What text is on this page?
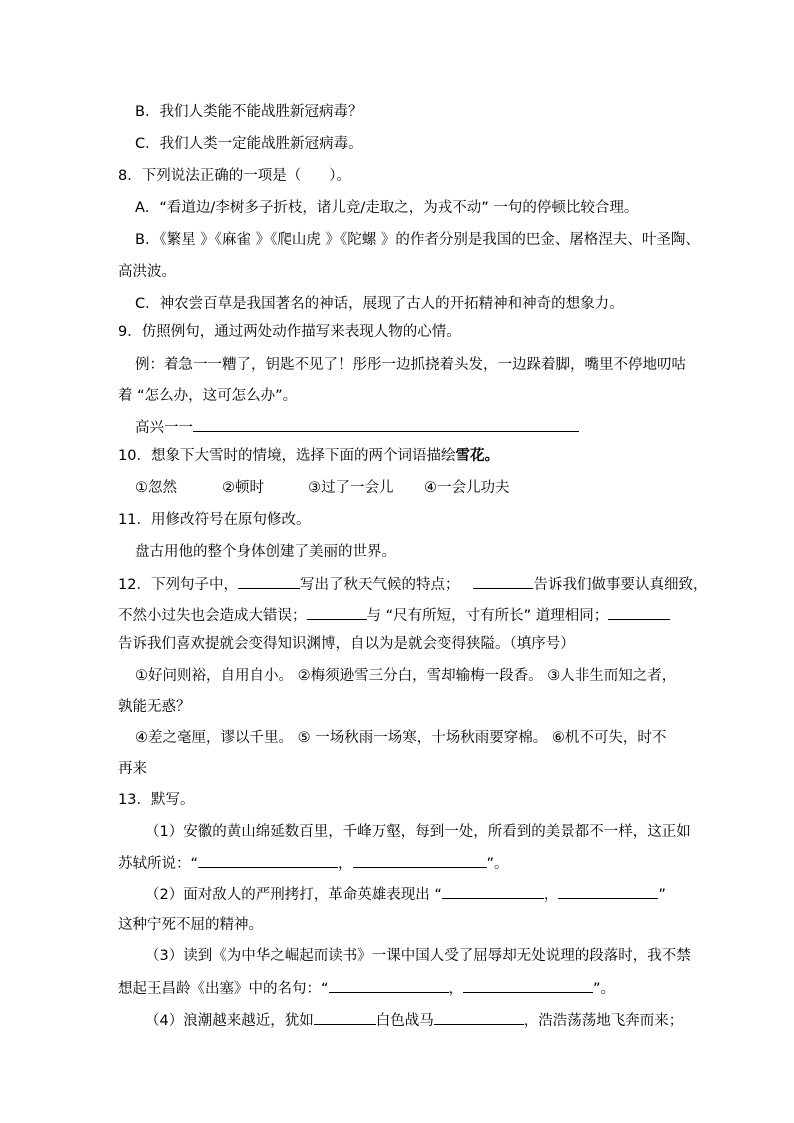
B．我们人类能不能战胜新冠病毒？
C．我们人类一定能战胜新冠病毒。
8．下列说法正确的一项是（ ）。
A．“看道边/李树多子折枝，诸儿竞/走取之，为戎不动” 一句的停顿比较合理。
B．《繁星 》《麻雀 》《爬山虎 》《陀螺 》的作者分别是我国的巴金、屠格涅夫、叶圣陶、
高洪波。
C．神农尝百草是我国著名的神话，展现了古人的开拓精神和神奇的想象力。
9．仿照例句，通过两处动作描写来表现人物的心情。
例：着急一一糟了，钥匙不见了！彤彤一边抓挠着头发，一边跺着脚，嘴里不停地叨咕
着 “怎么办，这可怎么办”。
高兴一一
10．想象下大雪时的情境，选择下面的两个词语描绘雪花。
①忽然	②顿时	③过了一会儿 ④一会儿功夫
11．用修改符号在原句修改。
盘古用他的整个身体创建了美丽的世界。
12．下列句子中，	写出了秋天气候的特点；	告诉我们做事要认真细致，
不然小过失也会造成大错误；	与 “尺有所短，寸有所长” 道理相同；
告诉我们喜欢提就会变得知识渊博，自以为是就会变得狭隘。（填序号）
①好问则裕，自用自小。 ②梅须逊雪三分白，雪却输梅一段香。 ③人非生而知之者，
孰能无惑？
④差之毫厘，谬以千里。 ⑤ 一场秋雨一场寒，十场秋雨要穿棉。 ⑥机不可失，时不
再来
13．默写。
（1）安徽的黄山绵延数百里，千峰万壑，每到一处，所看到的美景都不一样，这正如
苏轼所说：“	，	”。
（2）面对敌人的严刑拷打，革命英雄表现出 “	，	”
这种宁死不屈的精神。
（3）读到《为中华之崛起而读书》一课中国人受了屈辱却无处说理的段落时，我不禁
想起王昌龄《出塞》中的名句：“	，	”。
（4）浪潮越来越近，犹如	白色战马	，浩浩荡荡地飞奔而来；
